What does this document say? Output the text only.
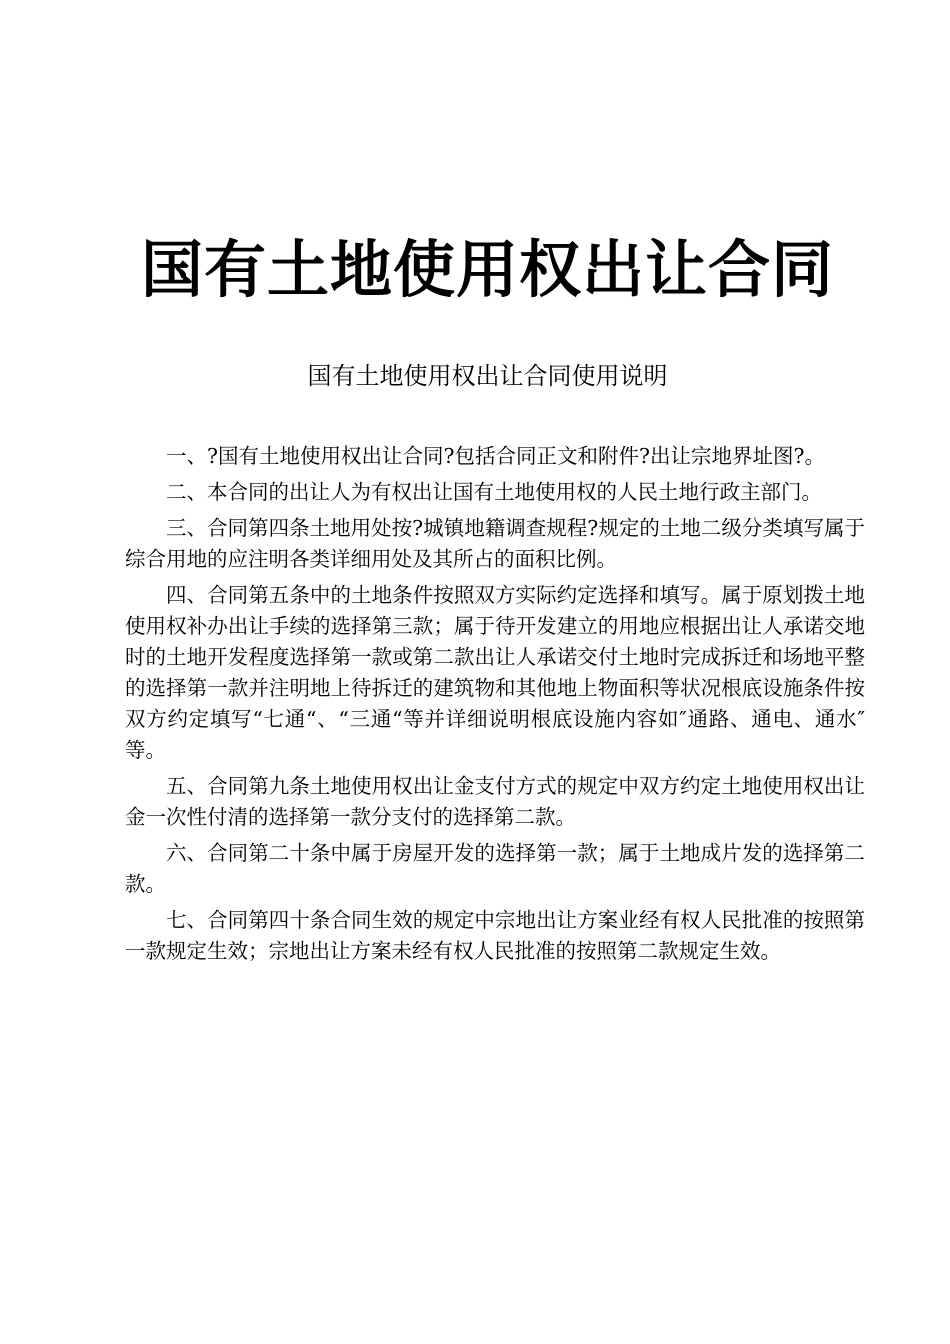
国有土地使用权出让合同
国有土地使用权出让合同使用说明

一、?国有土地使用权出让合同?包括合同正文和附件?出让宗地界址图?。

二、本合同的出让人为有权出让国有土地使用权的人民土地行政主部门。

三、合同第四条土地用处按?城镇地籍调查规程?规定的土地二级分类填写属于综合用地的应注明各类详细用处及其所占的面积比例。

四、合同第五条中的土地条件按照双方实际约定选择和填写。属于原划拨土地使用权补办出让手续的选择第三款；属于待开发建立的用地应根据出让人承诺交地时的土地开发程度选择第一款或第二款出让人承诺交付土地时完成拆迁和场地平整的选择第一款并注明地上待拆迁的建筑物和其他地上物面积等状况根底设施条件按双方约定填写“七通“、“三通“等并详细说明根底设施内容如″通路、通电、通水″等。

五、合同第九条土地使用权出让金支付方式的规定中双方约定土地使用权出让金一次性付清的选择第一款分支付的选择第二款。

六、合同第二十条中属于房屋开发的选择第一款；属于土地成片发的选择第二款。

七、合同第四十条合同生效的规定中宗地出让方案业经有权人民批准的按照第一款规定生效；宗地出让方案未经有权人民批准的按照第二款规定生效。
